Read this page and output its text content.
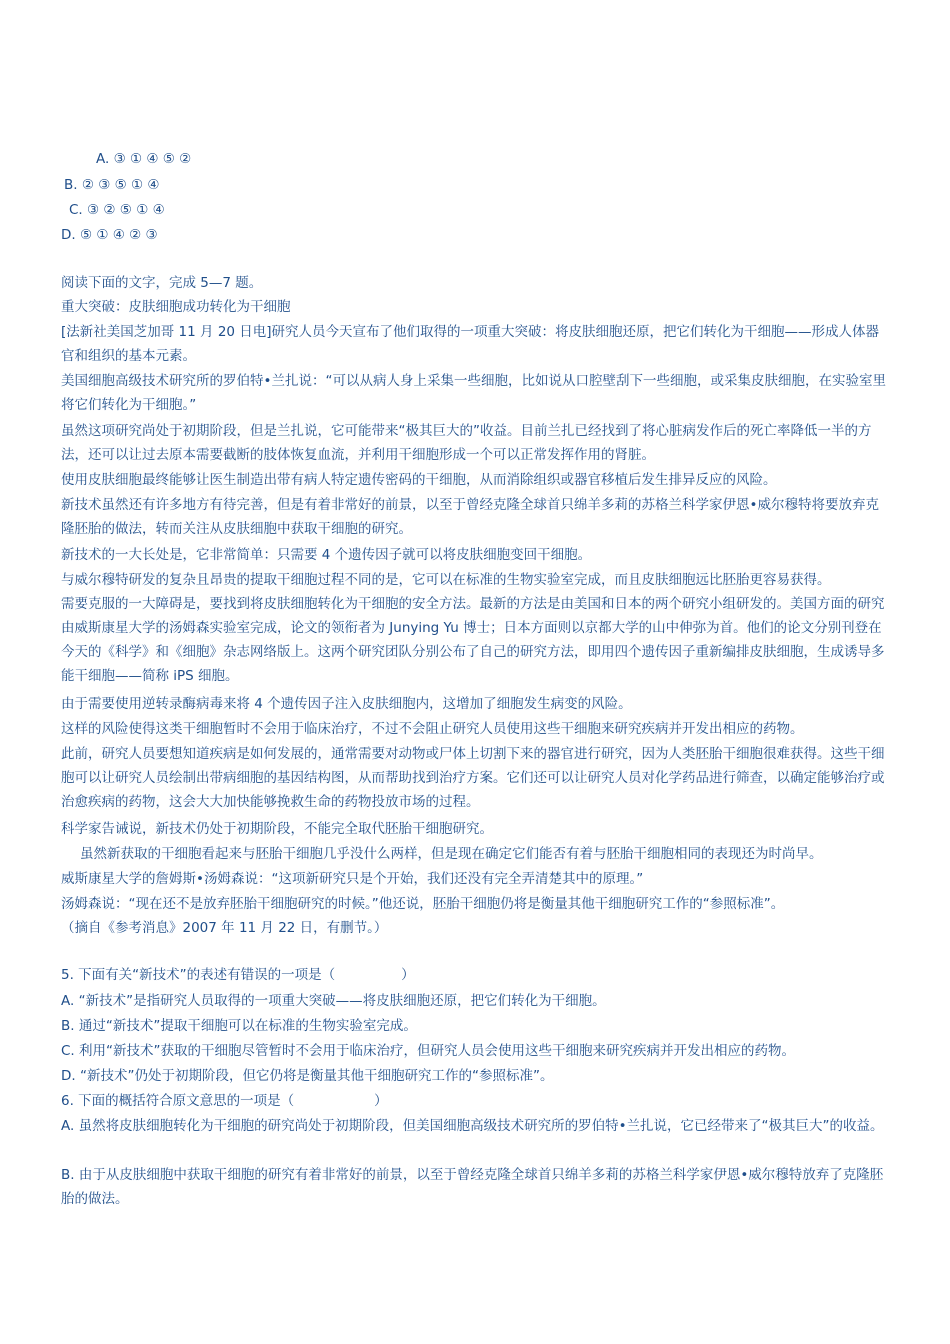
A. ③ ① ④ ⑤ ②
B. ② ③ ⑤ ① ④
C. ③ ② ⑤ ① ④
D. ⑤ ① ④ ② ③
阅读下面的文字，完成 5—7 题。
重大突破：皮肤细胞成功转化为干细胞
[法新社美国芝加哥 11 月 20 日电]研究人员今天宣布了他们取得的一项重大突破：将皮肤细胞还原，把它们转化为干细胞——形成人体器官和组织的基本元素。
美国细胞高级技术研究所的罗伯特•兰扎说：“可以从病人身上采集一些细胞，比如说从口腔壁刮下一些细胞，或采集皮肤细胞，在实验室里将它们转化为干细胞。”
虽然这项研究尚处于初期阶段，但是兰扎说，它可能带来“极其巨大的”收益。目前兰扎已经找到了将心脏病发作后的死亡率降低一半的方法，还可以让过去原本需要截断的肢体恢复血流，并利用干细胞形成一个可以正常发挥作用的肾脏。
使用皮肤细胞最终能够让医生制造出带有病人特定遗传密码的干细胞，从而消除组织或器官移植后发生排异反应的风险。
新技术虽然还有许多地方有待完善，但是有着非常好的前景，以至于曾经克隆全球首只绵羊多莉的苏格兰科学家伊恩•威尔穆特将要放弃克隆胚胎的做法，转而关注从皮肤细胞中获取干细胞的研究。
新技术的一大长处是，它非常简单：只需要 4 个遗传因子就可以将皮肤细胞变回干细胞。
与威尔穆特研发的复杂且昂贵的提取干细胞过程不同的是，它可以在标准的生物实验室完成，而且皮肤细胞远比胚胎更容易获得。
需要克服的一大障碍是，要找到将皮肤细胞转化为干细胞的安全方法。最新的方法是由美国和日本的两个研究小组研发的。美国方面的研究由威斯康星大学的汤姆森实验室完成，论文的领衔者为 Junying Yu 博士；日本方面则以京都大学的山中伸弥为首。他们的论文分别刊登在今天的《科学》和《细胞》杂志网络版上。这两个研究团队分别公布了自己的研究方法，即用四个遗传因子重新编排皮肤细胞，生成诱导多能干细胞——简称 iPS 细胞。
由于需要使用逆转录酶病毒来将 4 个遗传因子注入皮肤细胞内，这增加了细胞发生病变的风险。
这样的风险使得这类干细胞暂时不会用于临床治疗，不过不会阻止研究人员使用这些干细胞来研究疾病并开发出相应的药物。
此前，研究人员要想知道疾病是如何发展的，通常需要对动物或尸体上切割下来的器官进行研究，因为人类胚胎干细胞很难获得。这些干细胞可以让研究人员绘制出带病细胞的基因结构图，从而帮助找到治疗方案。它们还可以让研究人员对化学药品进行筛查，以确定能够治疗或治愈疾病的药物，这会大大加快能够挽救生命的药物投放市场的过程。
科学家告诫说，新技术仍处于初期阶段，不能完全取代胚胎干细胞研究。
虽然新获取的干细胞看起来与胚胎干细胞几乎没什么两样，但是现在确定它们能否有着与胚胎干细胞相同的表现还为时尚早。
威斯康星大学的詹姆斯•汤姆森说：“这项新研究只是个开始，我们还没有完全弄清楚其中的原理。”
汤姆森说：“现在还不是放弃胚胎干细胞研究的时候。”他还说，胚胎干细胞仍将是衡量其他干细胞研究工作的“参照标准”。
（摘自《参考消息》2007 年 11 月 22 日，有删节。）
5. 下面有关“新技术”的表述有错误的一项是（	）
A. “新技术”是指研究人员取得的一项重大突破——将皮肤细胞还原，把它们转化为干细胞。
B. 通过“新技术”提取干细胞可以在标准的生物实验室完成。
C. 利用“新技术”获取的干细胞尽管暂时不会用于临床治疗，但研究人员会使用这些干细胞来研究疾病并开发出相应的药物。
D. “新技术”仍处于初期阶段，但它仍将是衡量其他干细胞研究工作的“参照标准”。
6. 下面的概括符合原文意思的一项是（	）
A. 虽然将皮肤细胞转化为干细胞的研究尚处于初期阶段，但美国细胞高级技术研究所的罗伯特•兰扎说，它已经带来了“极其巨大”的收益。
B. 由于从皮肤细胞中获取干细胞的研究有着非常好的前景，以至于曾经克隆全球首只绵羊多莉的苏格兰科学家伊恩•威尔穆特放弃了克隆胚胎的做法。
